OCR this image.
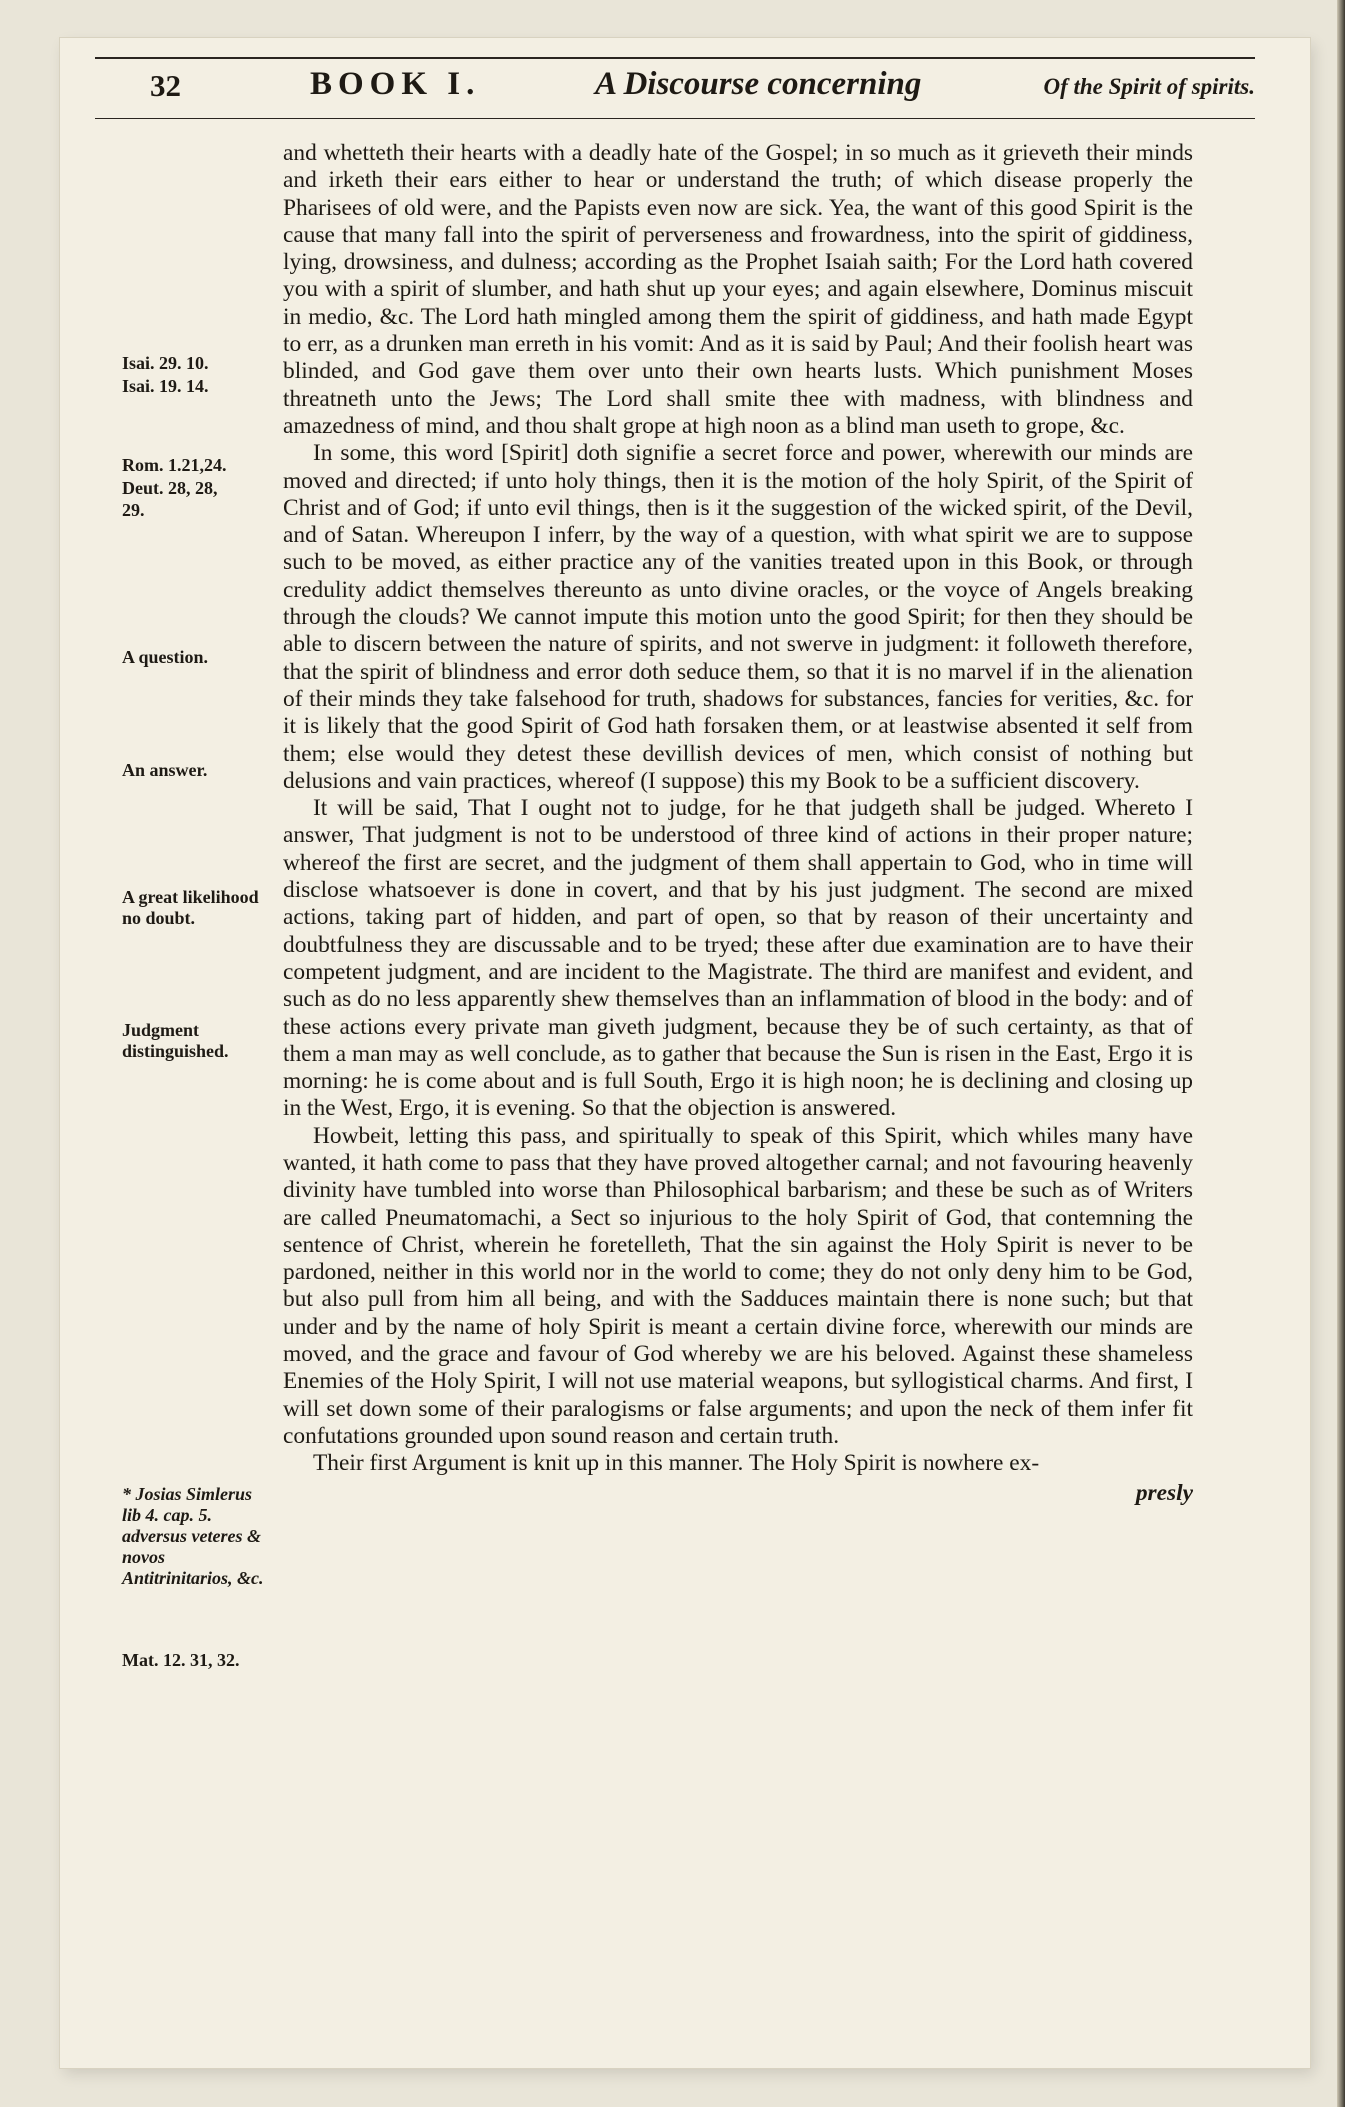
32	BOOK I.	A Discourse concerning	Of the Spirit of spirits.
Isai. 29. 10.
Isai. 19. 14.
Rom. 1.21,24.
Deut. 28, 28,
29.
A question.
An answer.
A great likelihood no doubt.
Judgment distinguished.
* Josias Simlerus lib 4. cap. 5. adversus veteres & novos Antitrinitarios, &c.
Mat. 12. 31, 32.

and whetteth their hearts with a deadly hate of the Gospel; in so much as it grieveth their minds and irketh their ears either to hear or understand the truth; of which disease properly the Pharisees of old were, and the Papists even now are sick. Yea, the want of this good Spirit is the cause that many fall into the spirit of perverseness and frowardness, into the spirit of giddiness, lying, drowsiness, and dulness; according as the Prophet Isaiah saith; For the Lord hath covered you with a spirit of slumber, and hath shut up your eyes; and again elsewhere, Dominus miscuit in medio, &c. The Lord hath mingled among them the spirit of giddiness, and hath made Egypt to err, as a drunken man erreth in his vomit: And as it is said by Paul; And their foolish heart was blinded, and God gave them over unto their own hearts lusts. Which punishment Moses threatneth unto the Jews; The Lord shall smite thee with madness, with blindness and amazedness of mind, and thou shalt grope at high noon as a blind man useth to grope, &c.

In some, this word [Spirit] doth signifie a secret force and power, wherewith our minds are moved and directed; if unto holy things, then it is the motion of the holy Spirit, of the Spirit of Christ and of God; if unto evil things, then is it the suggestion of the wicked spirit, of the Devil, and of Satan. Whereupon I inferr, by the way of a question, with what spirit we are to suppose such to be moved, as either practice any of the vanities treated upon in this Book, or through credulity addict themselves thereunto as unto divine oracles, or the voyce of Angels breaking through the clouds? We cannot impute this motion unto the good Spirit; for then they should be able to discern between the nature of spirits, and not swerve in judgment: it followeth therefore, that the spirit of blindness and error doth seduce them, so that it is no marvel if in the alienation of their minds they take falsehood for truth, shadows for substances, fancies for verities, &c. for it is likely that the good Spirit of God hath forsaken them, or at leastwise absented it self from them; else would they detest these devillish devices of men, which consist of nothing but delusions and vain practices, whereof (I suppose) this my Book to be a sufficient discovery.

It will be said, That I ought not to judge, for he that judgeth shall be judged. Whereto I answer, That judgment is not to be understood of three kind of actions in their proper nature; whereof the first are secret, and the judgment of them shall appertain to God, who in time will disclose whatsoever is done in covert, and that by his just judgment. The second are mixed actions, taking part of hidden, and part of open, so that by reason of their uncertainty and doubtfulness they are discussable and to be tryed; these after due examination are to have their competent judgment, and are incident to the Magistrate. The third are manifest and evident, and such as do no less apparently shew themselves than an inflammation of blood in the body: and of these actions every private man giveth judgment, because they be of such certainty, as that of them a man may as well conclude, as to gather that because the Sun is risen in the East, Ergo it is morning: he is come about and is full South, Ergo it is high noon; he is declining and closing up in the West, Ergo, it is evening. So that the objection is answered.

Howbeit, letting this pass, and spiritually to speak of this Spirit, which whiles many have wanted, it hath come to pass that they have proved altogether carnal; and not favouring heavenly divinity have tumbled into worse than Philosophical barbarism; and these be such as of Writers are called Pneumatomachi, a Sect so injurious to the holy Spirit of God, that contemning the sentence of Christ, wherein he foretelleth, That the sin against the Holy Spirit is never to be pardoned, neither in this world nor in the world to come; they do not only deny him to be God, but also pull from him all being, and with the Sadduces maintain there is none such; but that under and by the name of holy Spirit is meant a certain divine force, wherewith our minds are moved, and the grace and favour of God whereby we are his beloved. Against these shameless Enemies of the Holy Spirit, I will not use material weapons, but syllogistical charms. And first, I will set down some of their paralogisms or false arguments; and upon the neck of them infer fit confutations grounded upon sound reason and certain truth.

Their first Argument is knit up in this manner. The Holy Spirit is nowhere ex-

presly
